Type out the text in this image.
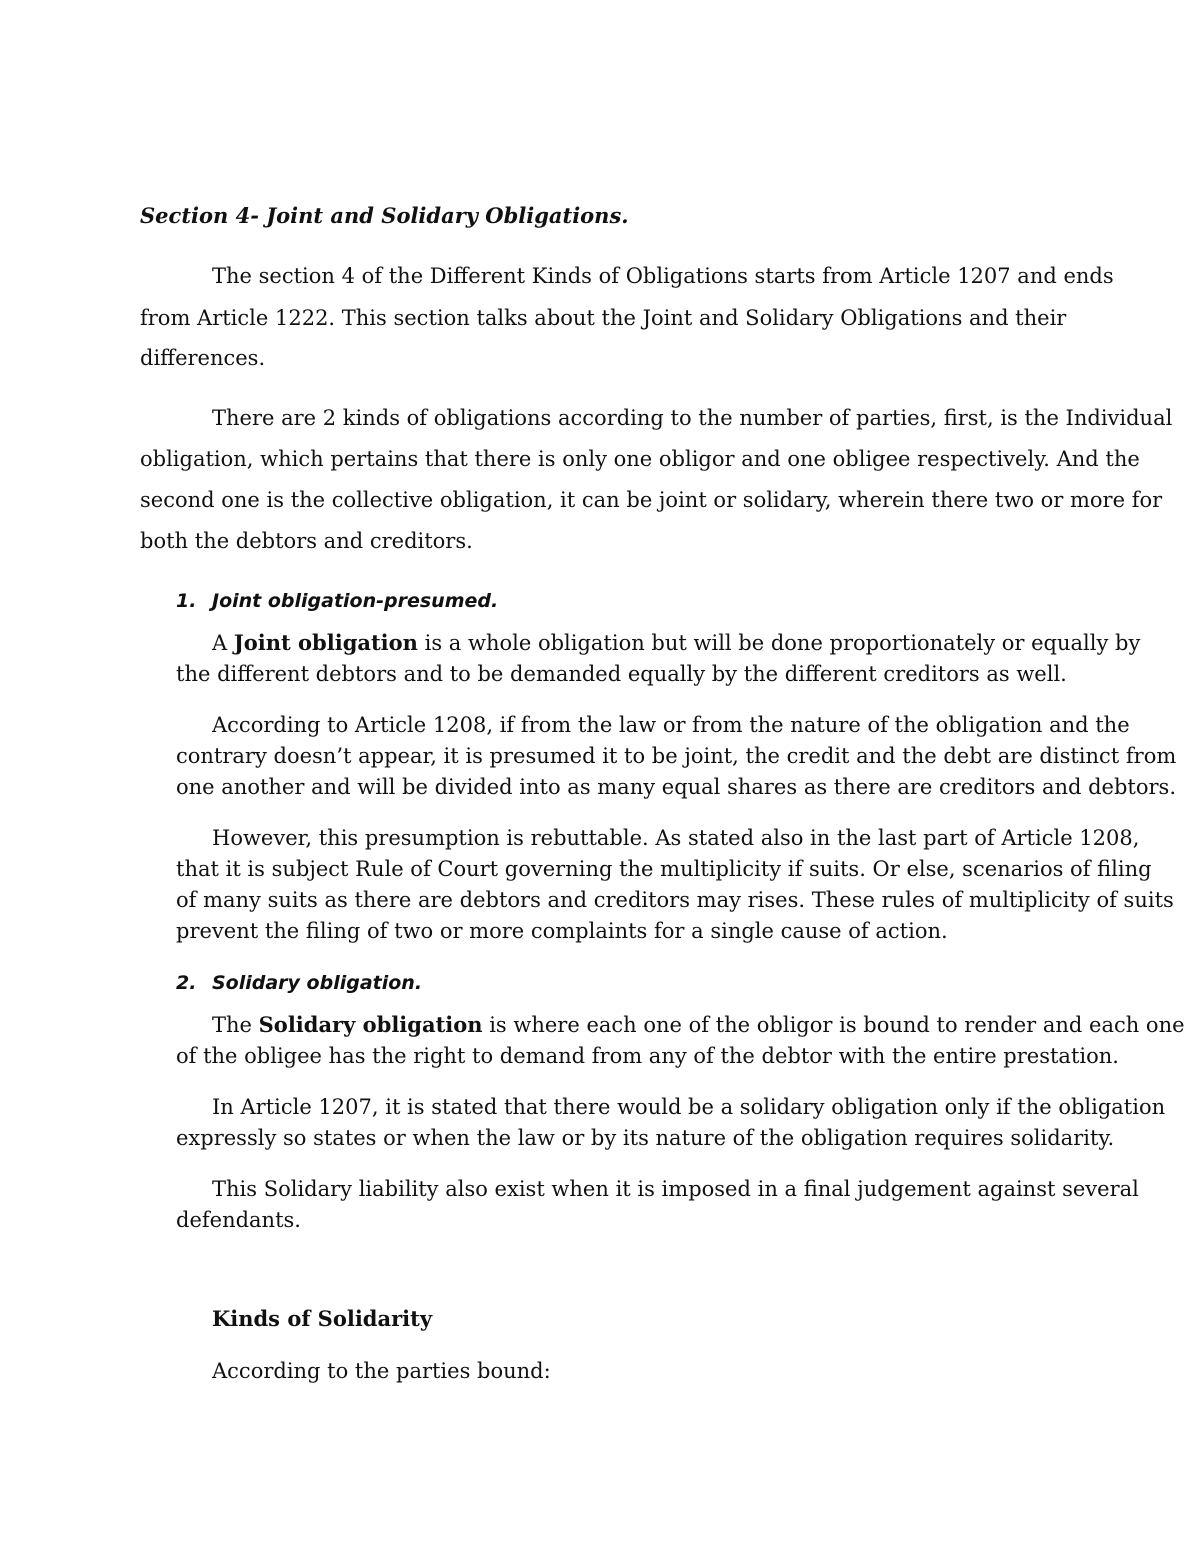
Section 4- Joint and Solidary Obligations.
The section 4 of the Different Kinds of Obligations starts from Article 1207 and ends
from Article 1222. This section talks about the Joint and Solidary Obligations and their
differences.
There are 2 kinds of obligations according to the number of parties, first, is the Individual
obligation, which pertains that there is only one obligor and one obligee respectively. And the
second one is the collective obligation, it can be joint or solidary, wherein there two or more for
both the debtors and creditors.
1. Joint obligation-presumed.
A Joint obligation is a whole obligation but will be done proportionately or equally by
the different debtors and to be demanded equally by the different creditors as well.
According to Article 1208, if from the law or from the nature of the obligation and the
contrary doesn’t appear, it is presumed it to be joint, the credit and the debt are distinct from
one another and will be divided into as many equal shares as there are creditors and debtors.
However, this presumption is rebuttable. As stated also in the last part of Article 1208,
that it is subject Rule of Court governing the multiplicity if suits. Or else, scenarios of filing
of many suits as there are debtors and creditors may rises. These rules of multiplicity of suits
prevent the filing of two or more complaints for a single cause of action.
2. Solidary obligation.
The Solidary obligation is where each one of the obligor is bound to render and each one
of the obligee has the right to demand from any of the debtor with the entire prestation.
In Article 1207, it is stated that there would be a solidary obligation only if the obligation
expressly so states or when the law or by its nature of the obligation requires solidarity.
This Solidary liability also exist when it is imposed in a final judgement against several
defendants.
Kinds of Solidarity
According to the parties bound:
